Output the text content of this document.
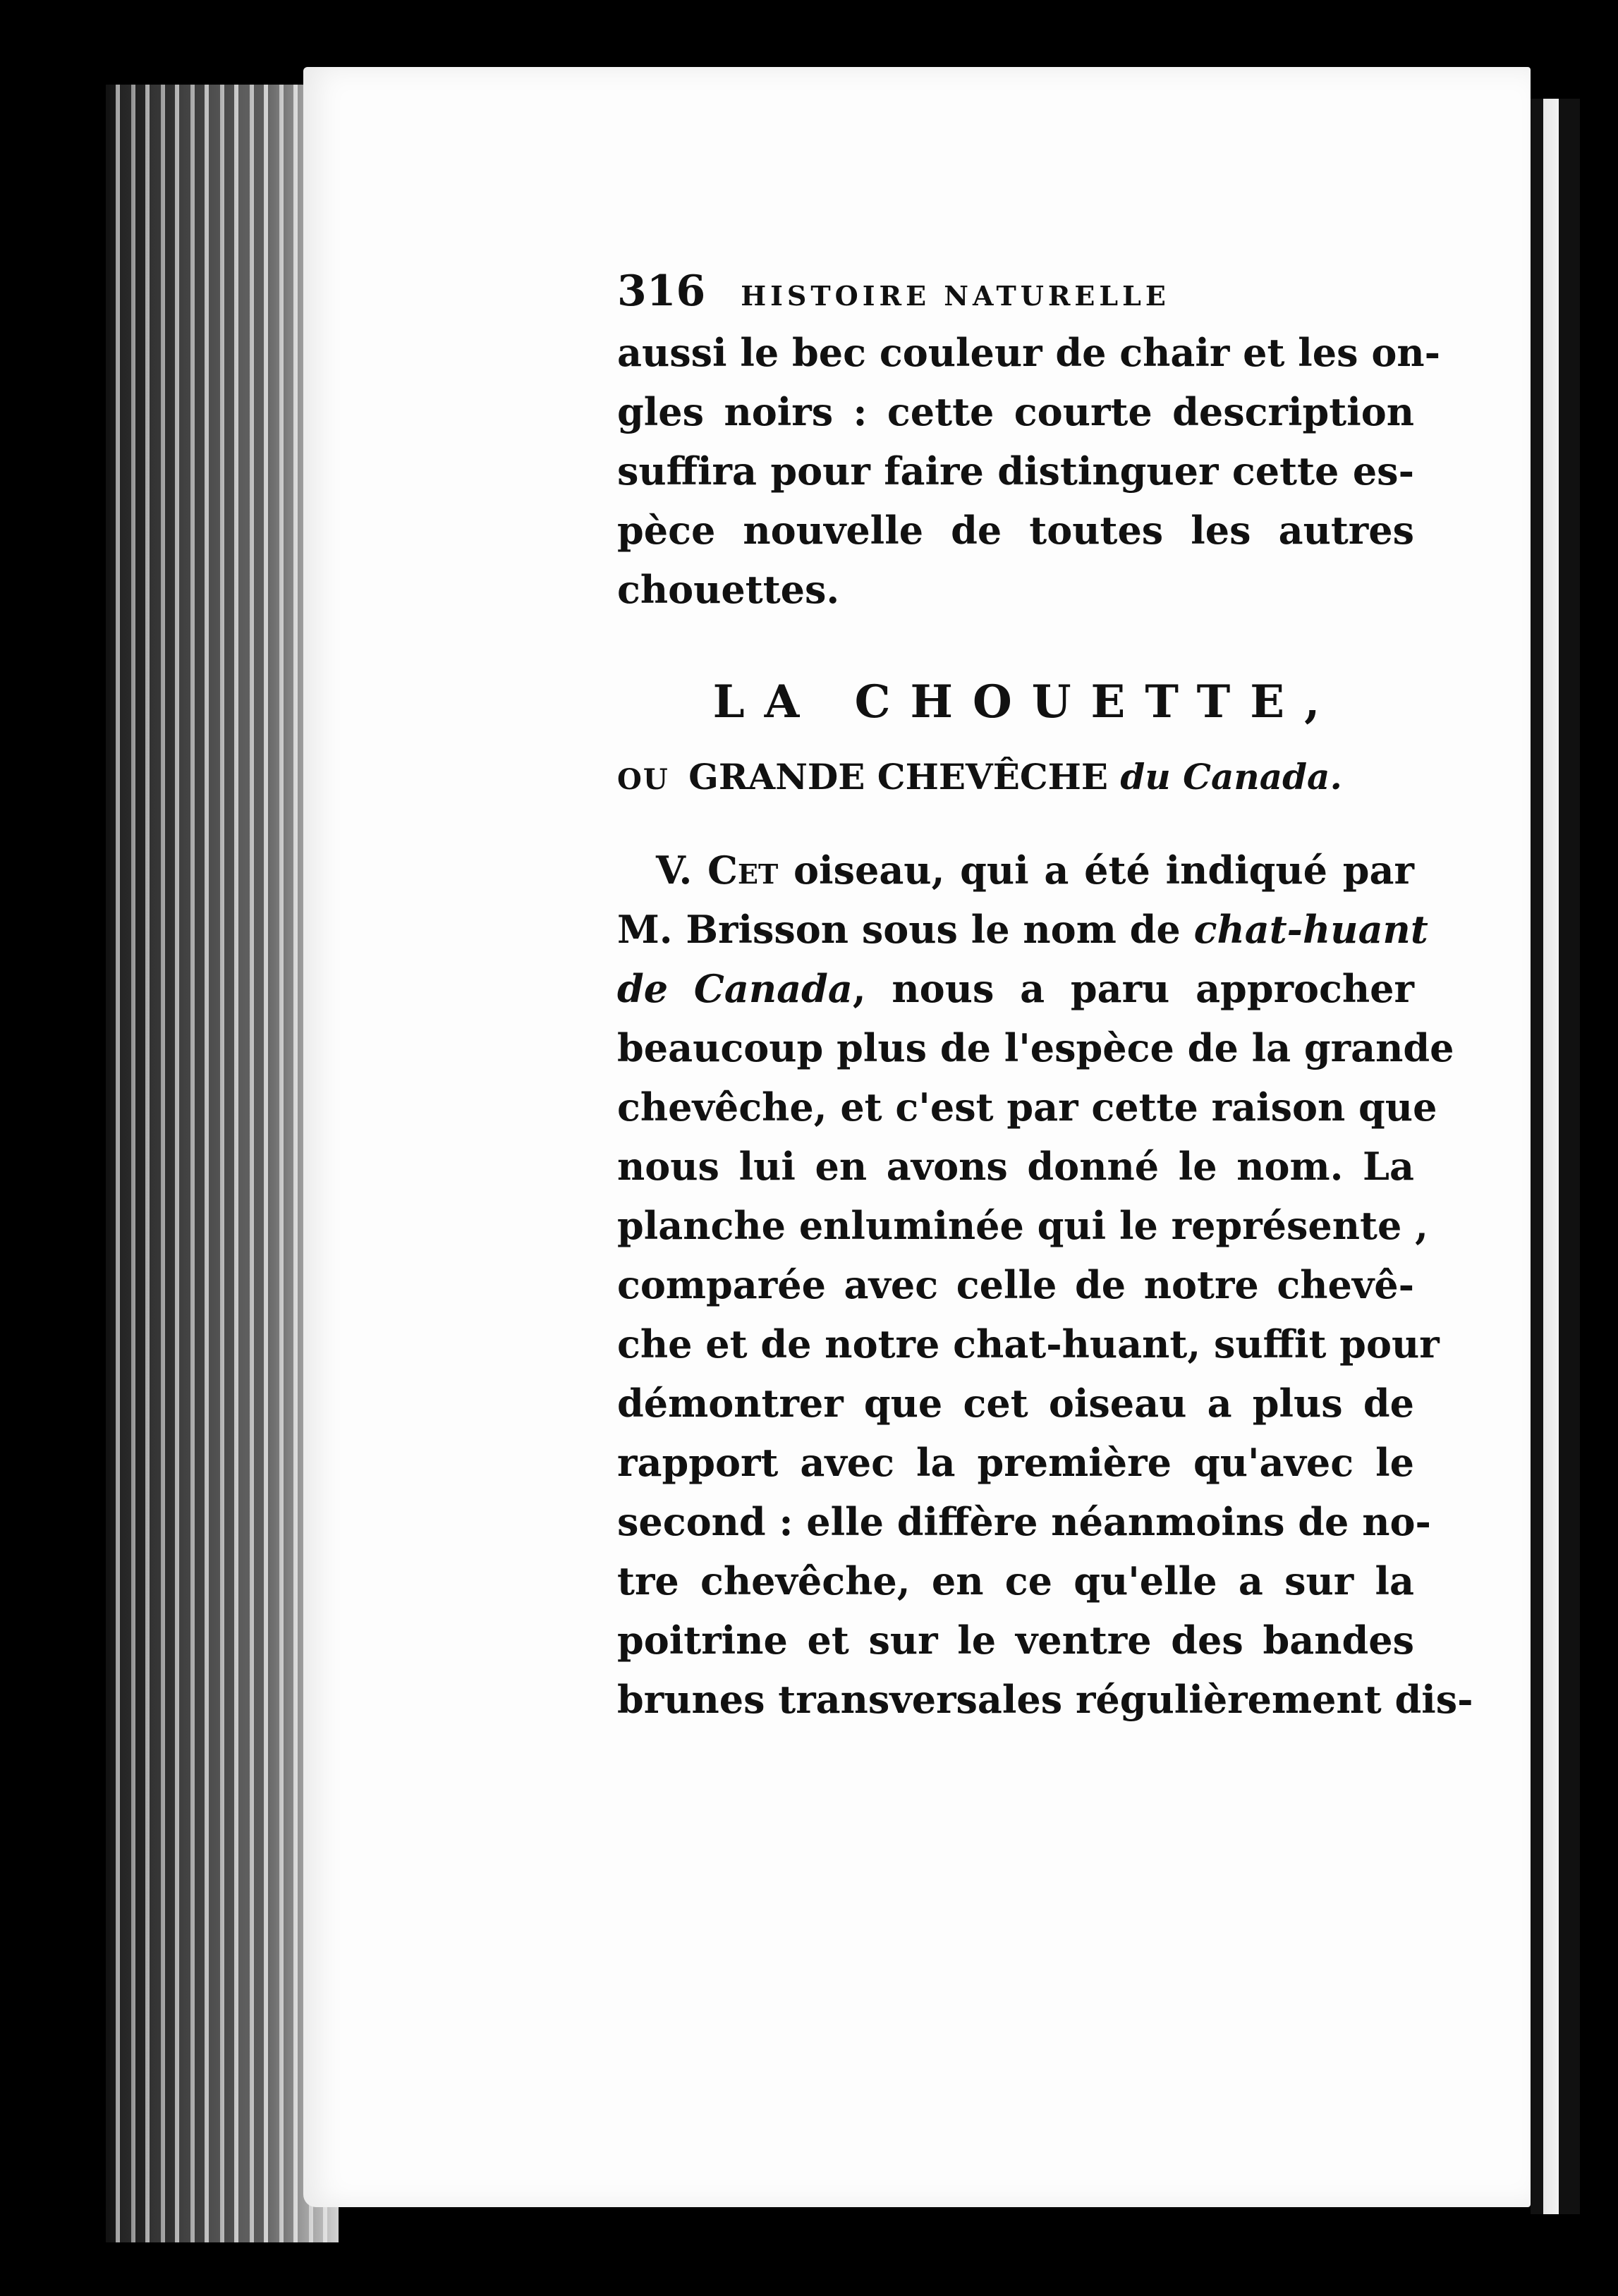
316 HISTOIRE NATURELLE
aussi le bec couleur de chair et les on-
gles noirs : cette courte description
suffira pour faire distinguer cette es-
pèce nouvelle de toutes les autres
chouettes.
LA CHOUETTE,
OU GRANDE CHEVÊCHE du Canada.
V. Cet oiseau, qui a été indiqué par
M. Brisson sous le nom de chat-huant
de Canada, nous a paru approcher
beaucoup plus de l'espèce de la grande
chevêche, et c'est par cette raison que
nous lui en avons donné le nom. La
planche enluminée qui le représente ,
comparée avec celle de notre chevê-
che et de notre chat-huant, suffit pour
démontrer que cet oiseau a plus de
rapport avec la première qu'avec le
second : elle diffère néanmoins de no-
tre chevêche, en ce qu'elle a sur la
poitrine et sur le ventre des bandes
brunes transversales régulièrement dis-
